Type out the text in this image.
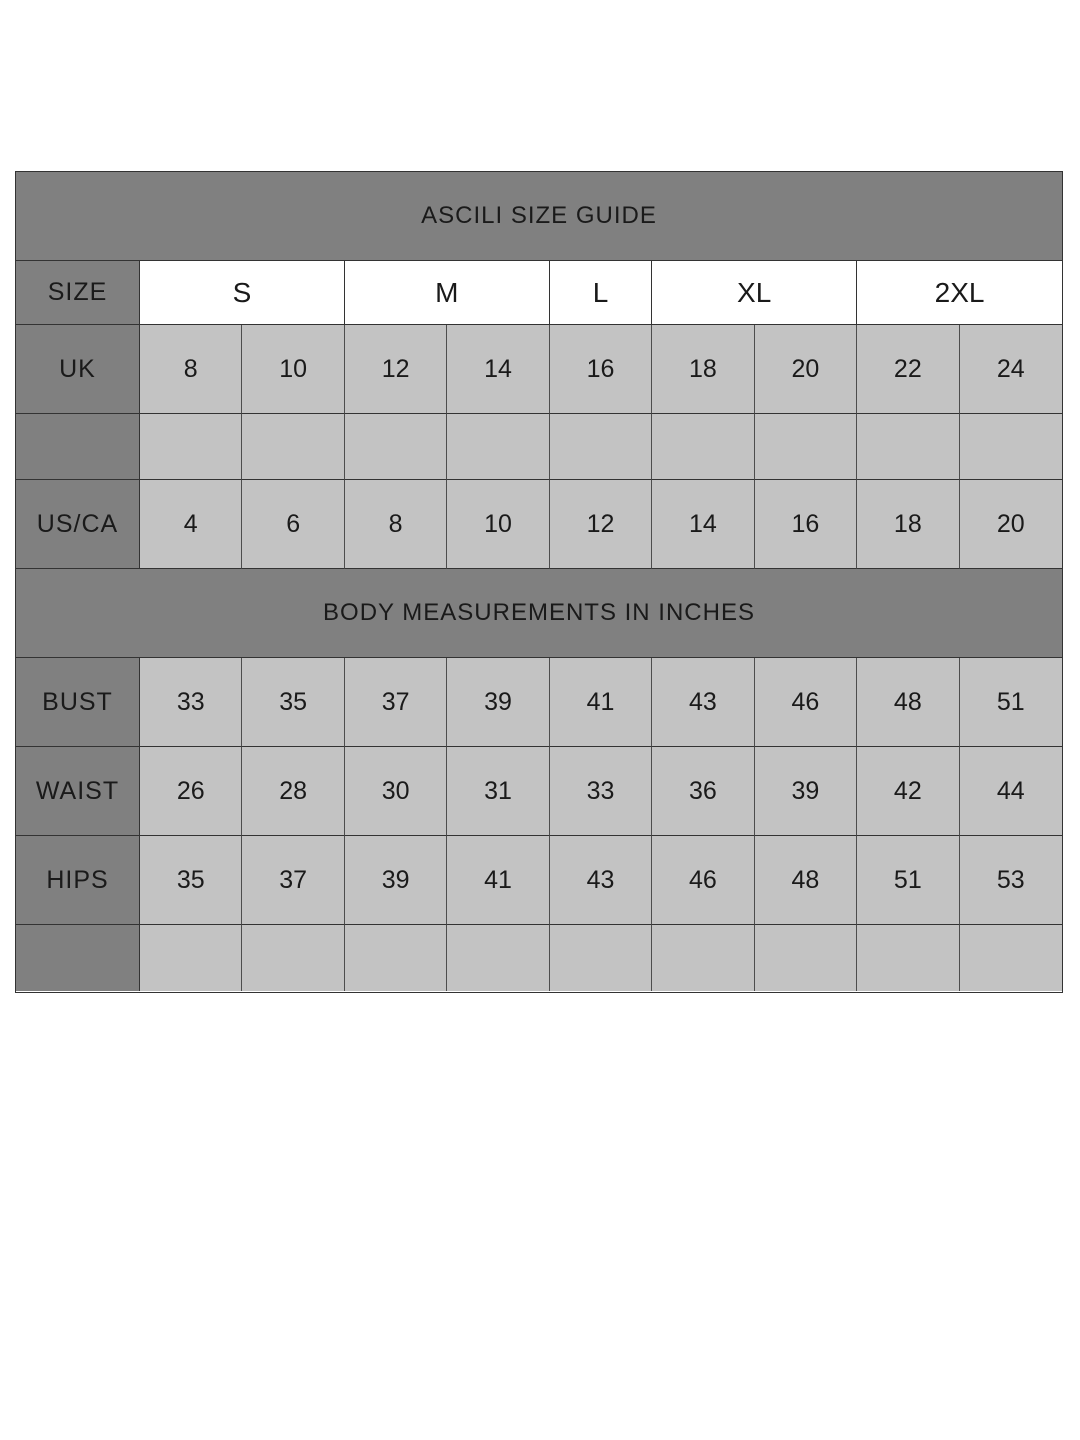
ASCILI SIZE GUIDE
SIZE	S	M	L	XL	2XL
UK	8	10	12	14	16	18	20	22	24
US/CA	4	6	8	10	12	14	16	18	20
BODY MEASUREMENTS IN INCHES
BUST	33	35	37	39	41	43	46	48	51
WAIST	26	28	30	31	33	36	39	42	44
HIPS	35	37	39	41	43	46	48	51	53
